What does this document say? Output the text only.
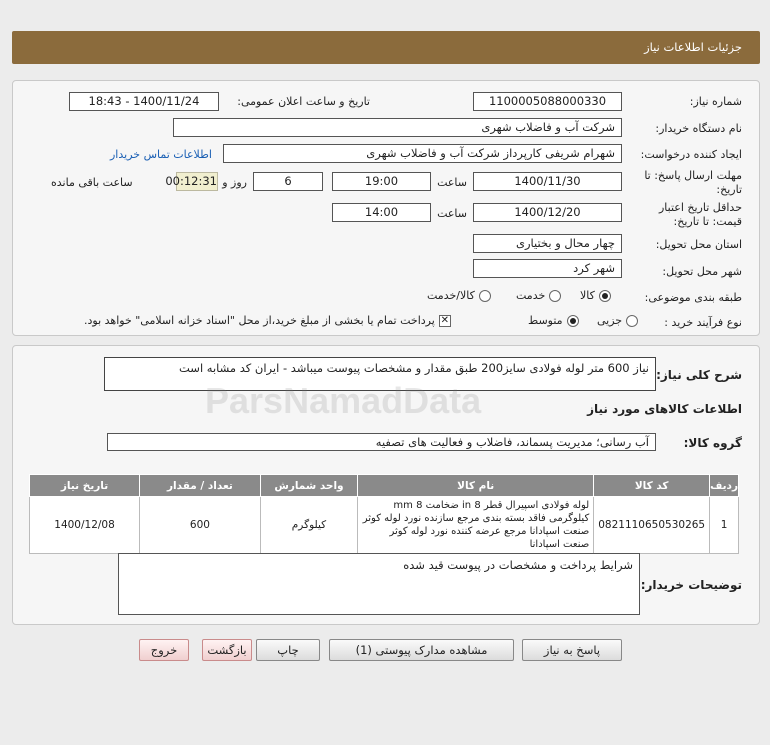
جزئیات اطلاعات نیاز
شماره نیاز:
1100005088000330
تاریخ و ساعت اعلان عمومی:
1400/11/24 - 18:43
نام دستگاه خریدار:
شرکت آب و فاضلاب شهری
ایجاد کننده درخواست:
شهرام شریفی کارپرداز شرکت آب و فاضلاب شهری
اطلاعات تماس خریدار
مهلت ارسال پاسخ: تا
تاریخ:
1400/11/30
ساعت
19:00
6
روز و
00:12:31
ساعت باقی مانده
حداقل تاریخ اعتبار
قیمت: تا تاریخ:
1400/12/20
ساعت
14:00
استان محل تحویل:
چهار محال و بختیاری
شهر محل تحویل:
شهر کرد
طبقه بندی موضوعی:
کالا
خدمت
کالا/خدمت
نوع فرآیند خرید :
جزیی
متوسط
✕
پرداخت تمام یا بخشی از مبلغ خرید،از محل "اسناد خزانه اسلامی" خواهد بود.
شرح کلی نیاز:
نیاز 600 متر لوله فولادی سایز200 طبق مقدار و مشخصات پیوست میباشد - ایران کد مشابه است
ParsNamadData	اطلاعات کالاهای مورد نیاز
گروه کالا:
آب رسانی؛ مدیریت پسماند، فاضلاب و فعالیت های تصفیه
ردیف	کد کالا	نام کالا	واحد شمارش	تعداد / مقدار	تاریخ نیاز
1	0821110650530265	لوله فولادی اسپیرال قطر 8 in ضخامت 8 mm کیلوگرمی فاقد بسته بندی مرجع سازنده نورد لوله کوثر صنعت اسپادانا مرجع عرضه کننده نورد لوله کوثر صنعت اسپادانا	کیلوگرم	600	1400/12/08
توضیحات خریدار:
شرایط پرداخت و مشخصات در پیوست قید شده
پاسخ به نیاز
مشاهده مدارک پیوستی (1)
چاپ
بازگشت
خروج
